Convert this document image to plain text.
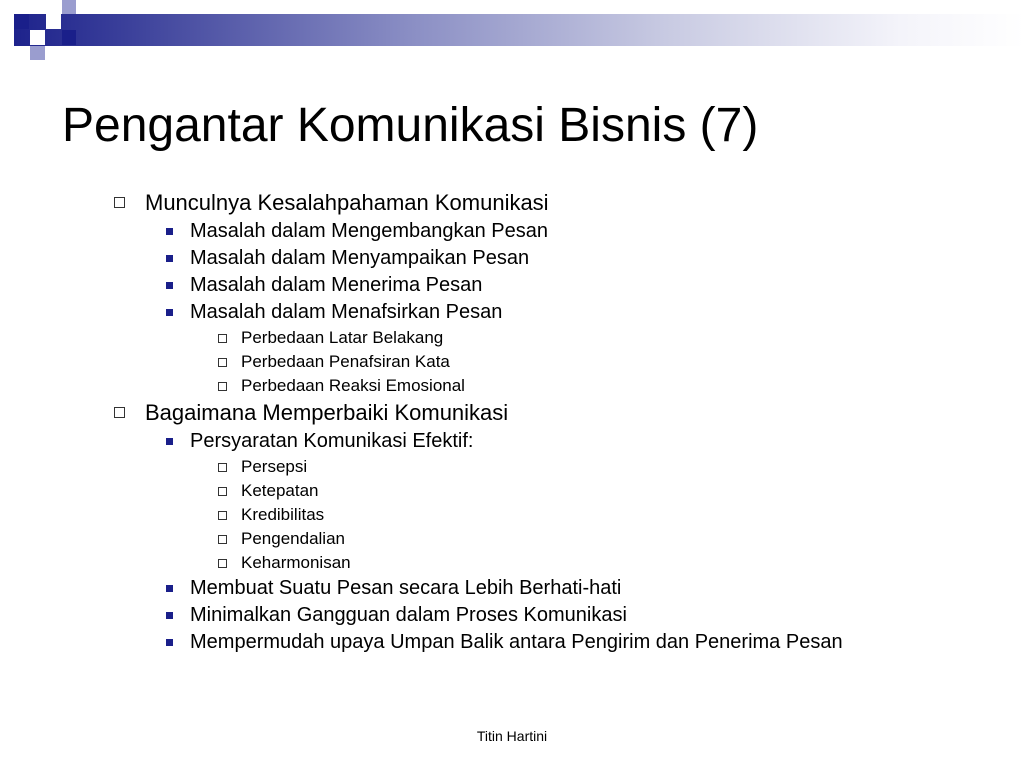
Pengantar Komunikasi Bisnis (7)
Munculnya Kesalahpahaman Komunikasi
Masalah dalam Mengembangkan Pesan
Masalah dalam Menyampaikan Pesan
Masalah dalam Menerima Pesan
Masalah dalam Menafsirkan Pesan
Perbedaan Latar Belakang
Perbedaan Penafsiran Kata
Perbedaan Reaksi Emosional
Bagaimana Memperbaiki Komunikasi
Persyaratan Komunikasi Efektif:
Persepsi
Ketepatan
Kredibilitas
Pengendalian
Keharmonisan
Membuat Suatu Pesan secara Lebih Berhati-hati
Minimalkan Gangguan dalam Proses Komunikasi
Mempermudah upaya Umpan Balik antara Pengirim dan Penerima Pesan
Titin Hartini
